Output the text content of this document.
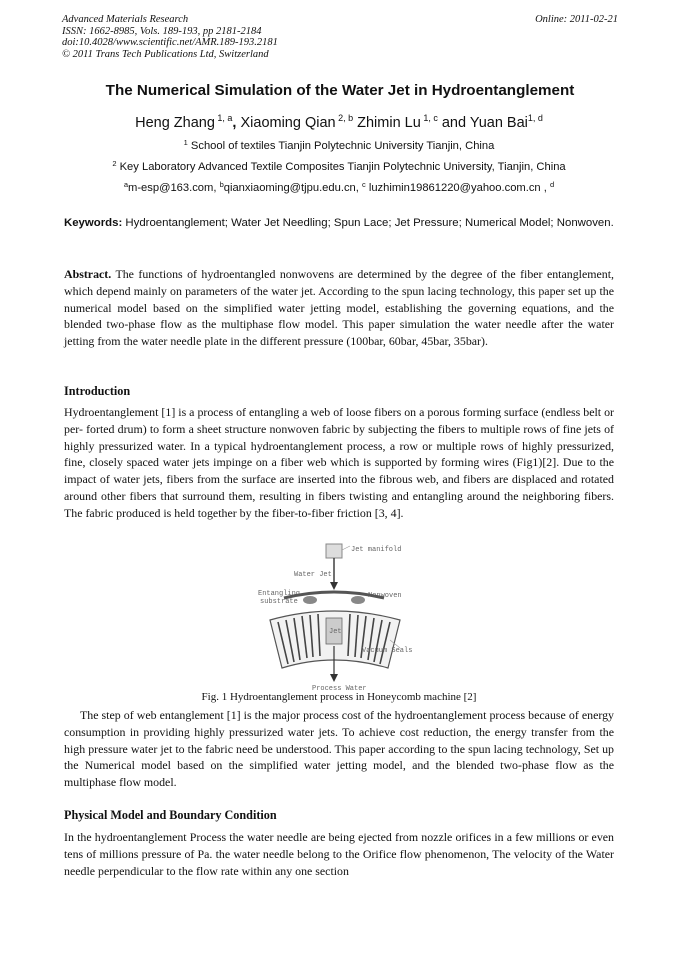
Advanced Materials Research
ISSN: 1662-8985, Vols. 189-193, pp 2181-2184
doi:10.4028/www.scientific.net/AMR.189-193.2181
© 2011 Trans Tech Publications Ltd, Switzerland
Online: 2011-02-21
The Numerical Simulation of the Water Jet in Hydroentanglement
Heng Zhang $^{1, a}$, Xiaoming Qian $^{2, b}$ Zhimin Lu $^{1, c}$ and Yuan Bai$^{1, d}$
$^1$ School of textiles Tianjin Polytechnic University Tianjin, China
$^2$ Key Laboratory Advanced Textile Composites Tianjin Polytechnic University, Tianjin, China
$^a$m-esp@163.com, $^b$qianxiaoming@tjpu.edu.cn, $^c$ luzhimin19861220@yahoo.com.cn , $^d$
Keywords: Hydroentanglement; Water Jet Needling; Spun Lace; Jet Pressure; Numerical Model; Nonwoven.
Abstract. The functions of hydroentangled nonwovens are determined by the degree of the fiber entanglement, which depend mainly on parameters of the water jet. According to the spun lacing technology, this paper set up the numerical model based on the simplified water jetting model, establishing the governing equations, and the blended two-phase flow as the multiphase flow model. This paper simulation the water needle after the water jetting from the water needle plate in the different pressure (100bar, 60bar, 45bar, 35bar).
Introduction
Hydroentanglement [1] is a process of entangling a web of loose fibers on a porous forming surface (endless belt or per- forted drum) to form a sheet structure nonwoven fabric by subjecting the fibers to multiple rows of fine jets of highly pressurized water. In a typical hydroentanglement process, a row or multiple rows of highly pressurized, fine, closely spaced water jets impinge on a fiber web which is supported by forming wires (Fig1)[2]. Due to the impact of water jets, fibers from the surface are inserted into the fibrous web, and fibers are displaced and rotated around other fibers that surround them, resulting in fibers twisting and entangling around the neighboring fibers. The fabric produced is held together by the fiber-to-fiber friction [3, 4].
Jet manifold
Water Jet
Entangling
substrate
Nonwoven
Jet
Vacuum Seals
Process Water
Fig. 1 Hydroentanglement process in Honeycomb machine [2]
The step of web entanglement [1] is the major process cost of the hydroentanglement process because of energy consumption in providing highly pressurized water jets. To achieve cost reduction, the energy transfer from the high pressure water jet to the fabric need be understood. This paper according to the spun lacing technology, Set up the Numerical model based on the simplified water jetting model, and the blended two-phase flow as the multiphase flow model.
Physical Model and Boundary Condition
In the hydroentanglement Process the water needle are being ejected from nozzle orifices in a few millions or even tens of millions pressure of Pa. the water needle belong to the Orifice flow phenomenon, The velocity of the Water needle perpendicular to the flow rate within any one section
